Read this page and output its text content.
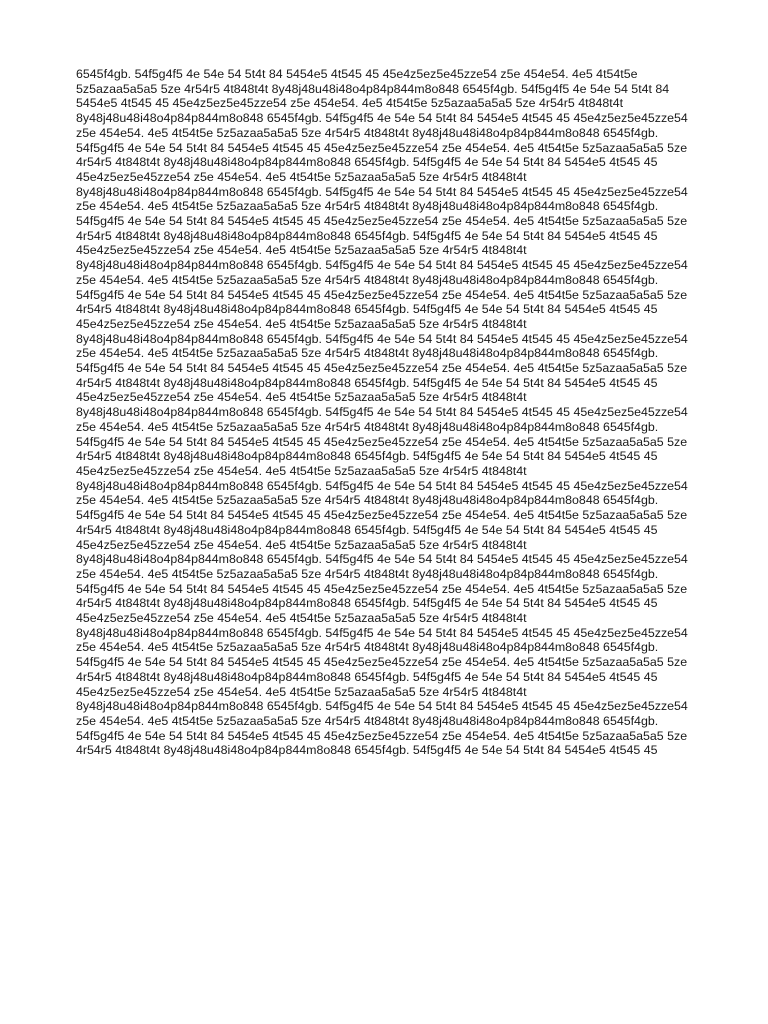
6545f4gb. 54f5g4f5 4e 54e 54 5t4t 84 5454e5 4t545 45 45e4z5ez5e45zze54 z5e 454e54. 4e5 4t54t5e 5z5azaa5a5a5 5ze 4r54r5 4t848t4t 8y48j48u48i48o4p84p844m8o848 6545f4gb. 54f5g4f5 4e 54e 54 5t4t 84 5454e5 4t545 45 45e4z5ez5e45zze54 z5e 454e54. 4e5 4t54t5e 5z5azaa5a5a5 5ze 4r54r5 4t848t4t 8y48j48u48i48o4p84p844m8o848 6545f4gb. 54f5g4f5 4e 54e 54 5t4t 84 5454e5 4t545 45 45e4z5ez5e45zze54 z5e 454e54. 4e5 4t54t5e 5z5azaa5a5a5 5ze 4r54r5 4t848t4t 8y48j48u48i48o4p84p844m8o848 6545f4gb. 54f5g4f5 4e 54e 54 5t4t 84 5454e5 4t545 45 45e4z5ez5e45zze54 z5e 454e54. 4e5 4t54t5e 5z5azaa5a5a5 5ze 4r54r5 4t848t4t 8y48j48u48i48o4p84p844m8o848 6545f4gb. 54f5g4f5 4e 54e 54 5t4t 84 5454e5 4t545 45 45e4z5ez5e45zze54 z5e 454e54. 4e5 4t54t5e 5z5azaa5a5a5 5ze 4r54r5 4t848t4t 8y48j48u48i48o4p84p844m8o848 6545f4gb. 54f5g4f5 4e 54e 54 5t4t 84 5454e5 4t545 45 45e4z5ez5e45zze54 z5e 454e54. 4e5 4t54t5e 5z5azaa5a5a5 5ze 4r54r5 4t848t4t 8y48j48u48i48o4p84p844m8o848 6545f4gb. 54f5g4f5 4e 54e 54 5t4t 84 5454e5 4t545 45 45e4z5ez5e45zze54 z5e 454e54. 4e5 4t54t5e 5z5azaa5a5a5 5ze 4r54r5 4t848t4t 8y48j48u48i48o4p84p844m8o848 6545f4gb. 54f5g4f5 4e 54e 54 5t4t 84 5454e5 4t545 45 45e4z5ez5e45zze54 z5e 454e54. 4e5 4t54t5e 5z5azaa5a5a5 5ze 4r54r5 4t848t4t 8y48j48u48i48o4p84p844m8o848 6545f4gb. 54f5g4f5 4e 54e 54 5t4t 84 5454e5 4t545 45 45e4z5ez5e45zze54 z5e 454e54. 4e5 4t54t5e 5z5azaa5a5a5 5ze 4r54r5 4t848t4t 8y48j48u48i48o4p84p844m8o848 6545f4gb. 54f5g4f5 4e 54e 54 5t4t 84 5454e5 4t545 45 45e4z5ez5e45zze54 z5e 454e54. 4e5 4t54t5e 5z5azaa5a5a5 5ze 4r54r5 4t848t4t 8y48j48u48i48o4p84p844m8o848 6545f4gb. 54f5g4f5 4e 54e 54 5t4t 84 5454e5 4t545 45 45e4z5ez5e45zze54 z5e 454e54. 4e5 4t54t5e 5z5azaa5a5a5 5ze 4r54r5 4t848t4t 8y48j48u48i48o4p84p844m8o848 6545f4gb. 54f5g4f5 4e 54e 54 5t4t 84 5454e5 4t545 45 45e4z5ez5e45zze54 z5e 454e54. 4e5 4t54t5e 5z5azaa5a5a5 5ze 4r54r5 4t848t4t 8y48j48u48i48o4p84p844m8o848 6545f4gb. 54f5g4f5 4e 54e 54 5t4t 84 5454e5 4t545 45 45e4z5ez5e45zze54 z5e 454e54. 4e5 4t54t5e 5z5azaa5a5a5 5ze 4r54r5 4t848t4t 8y48j48u48i48o4p84p844m8o848 6545f4gb. 54f5g4f5 4e 54e 54 5t4t 84 5454e5 4t545 45 45e4z5ez5e45zze54 z5e 454e54. 4e5 4t54t5e 5z5azaa5a5a5 5ze 4r54r5 4t848t4t 8y48j48u48i48o4p84p844m8o848 6545f4gb. 54f5g4f5 4e 54e 54 5t4t 84 5454e5 4t545 45 45e4z5ez5e45zze54 z5e 454e54. 4e5 4t54t5e 5z5azaa5a5a5 5ze 4r54r5 4t848t4t 8y48j48u48i48o4p84p844m8o848 6545f4gb. 54f5g4f5 4e 54e 54 5t4t 84 5454e5 4t545 45 45e4z5ez5e45zze54 z5e 454e54. 4e5 4t54t5e 5z5azaa5a5a5 5ze 4r54r5 4t848t4t 8y48j48u48i48o4p84p844m8o848 6545f4gb. 54f5g4f5 4e 54e 54 5t4t 84 5454e5 4t545 45 45e4z5ez5e45zze54 z5e 454e54. 4e5 4t54t5e 5z5azaa5a5a5 5ze 4r54r5 4t848t4t 8y48j48u48i48o4p84p844m8o848 6545f4gb. 54f5g4f5 4e 54e 54 5t4t 84 5454e5 4t545 45 45e4z5ez5e45zze54 z5e 454e54. 4e5 4t54t5e 5z5azaa5a5a5 5ze 4r54r5 4t848t4t 8y48j48u48i48o4p84p844m8o848 6545f4gb. 54f5g4f5 4e 54e 54 5t4t 84 5454e5 4t545 45 45e4z5ez5e45zze54 z5e 454e54. 4e5 4t54t5e 5z5azaa5a5a5 5ze 4r54r5 4t848t4t 8y48j48u48i48o4p84p844m8o848 6545f4gb. 54f5g4f5 4e 54e 54 5t4t 84 5454e5 4t545 45 45e4z5ez5e45zze54 z5e 454e54. 4e5 4t54t5e 5z5azaa5a5a5 5ze 4r54r5 4t848t4t 8y48j48u48i48o4p84p844m8o848 6545f4gb. 54f5g4f5 4e 54e 54 5t4t 84 5454e5 4t545 45 45e4z5ez5e45zze54 z5e 454e54. 4e5 4t54t5e 5z5azaa5a5a5 5ze 4r54r5 4t848t4t 8y48j48u48i48o4p84p844m8o848 6545f4gb. 54f5g4f5 4e 54e 54 5t4t 84 5454e5 4t545 45 45e4z5ez5e45zze54 z5e 454e54. 4e5 4t54t5e 5z5azaa5a5a5 5ze 4r54r5 4t848t4t 8y48j48u48i48o4p84p844m8o848 6545f4gb. 54f5g4f5 4e 54e 54 5t4t 84 5454e5 4t545 45 45e4z5ez5e45zze54 z5e 454e54. 4e5 4t54t5e 5z5azaa5a5a5 5ze 4r54r5 4t848t4t 8y48j48u48i48o4p84p844m8o848 6545f4gb. 54f5g4f5 4e 54e 54 5t4t 84 5454e5 4t545 45 45e4z5ez5e45zze54 z5e 454e54. 4e5 4t54t5e 5z5azaa5a5a5 5ze 4r54r5 4t848t4t 8y48j48u48i48o4p84p844m8o848 6545f4gb. 54f5g4f5 4e 54e 54 5t4t 84 5454e5 4t545 45 45e4z5ez5e45zze54 z5e 454e54. 4e5 4t54t5e 5z5azaa5a5a5 5ze 4r54r5 4t848t4t 8y48j48u48i48o4p84p844m8o848 6545f4gb. 54f5g4f5 4e 54e 54 5t4t 84 5454e5 4t545 45 45e4z5ez5e45zze54 z5e 454e54. 4e5 4t54t5e 5z5azaa5a5a5 5ze 4r54r5 4t848t4t 8y48j48u48i48o4p84p844m8o848 6545f4gb. 54f5g4f5 4e 54e 54 5t4t 84 5454e5 4t545 45 45e4z5ez5e45zze54 z5e 454e54. 4e5 4t54t5e 5z5azaa5a5a5 5ze 4r54r5 4t848t4t 8y48j48u48i48o4p84p844m8o848 6545f4gb. 54f5g4f5 4e 54e 54 5t4t 84 5454e5 4t545 45 45e4z5ez5e45zze54 z5e 454e54. 4e5 4t54t5e 5z5azaa5a5a5 5ze 4r54r5 4t848t4t 8y48j48u48i48o4p84p844m8o848 6545f4gb. 54f5g4f5 4e 54e 54 5t4t 84 5454e5 4t545 45
